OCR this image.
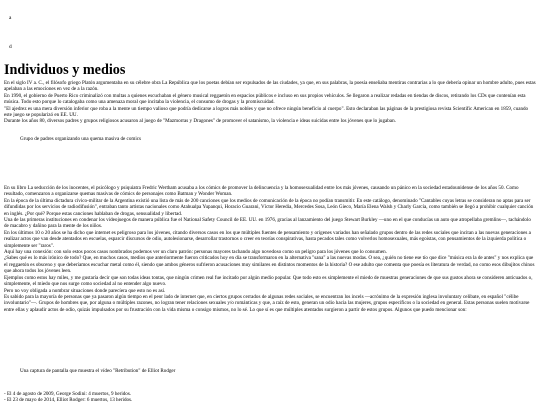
a
d
Individuos y medios

En el siglo IV a. C., el filósofo griego Platón argumentaba en su célebre obra La República que los poetas debían ser expulsados de las ciudades, ya que, en sus palabras, la poesía enseñaba mentiras contrarias a lo que debería opinar un hombre adulto, pues estas apelaban a las emociones en vez de a la razón.

En 1990, el gobierno de Puerto Rico criminalizó con multas a quienes escuchaban el género musical reggaetón en espacios públicos e incluso en sus propios vehículos. Se llegaron a realizar redadas en tiendas de discos, retirando los CDs que contenían esta música. Todo esto porque lo catalogaba como una amenaza moral que incitaba la violencia, el consumo de drogas y la promiscuidad.

"El ajedrez es una mera diversión inferior que roba a la mente un tiempo valioso que podría dedicarse a logros más nobles y que no ofrece ningún beneficio al cuerpo". Esto declaraban las páginas de la prestigiosa revista Scientific American en 1859, cuando este juego se popularizó en EE. UU.

Durante los años 80, diversos padres y grupos religiosos acusaron al juego de "Mazmorras y Dragones" de promover el satanismo, la violencia e ideas suicidas entre los jóvenes que lo jugaban.

Grupo de padres organizando una quema masiva de comics

En su libro La seducción de los inocentes, el psicólogo y psiquiatra Fredric Wertham acusaba a los cómics de promover la delincuencia y la homosexualidad entre los más jóvenes, causando un pánico en la sociedad estadounidense de los años 50. Como resultado, comenzaron a organizarse quemas masivas de cómics de personajes como Batman y Wonder Woman.

En la época de la última dictadura cívico-militar de la Argentina existió una lista de más de 200 canciones que los medios de comunicación de la época no podían transmitir. En este catálogo, denominado "Cantables cuyas letras se consideran no aptas para ser difundidas por los servicios de radiodifusión", entraban tanto artistas nacionales como Atahualpa Yupanqui, Horacio Guarani, Víctor Heredia, Mercedes Sosa, León Gieco, María Elena Walsh y Charly García, como también se llegó a prohibir cualquier canción en inglés. ¿Por qué? Porque estas canciones hablaban de drogas, sensualidad y libertad.

Una de las primeras instituciones en condenar los videojuegos de manera pública fue el National Safety Council de EE. UU. en 1976, gracias al lanzamiento del juego Stewart Burkley —uno en el que conducías un auto que atropellaba gremlins—, tachándolo de macabro y dañino para la mente de los niños.

En los últimos 10 o 20 años se ha dicho que internet es peligroso para los jóvenes, citando diversos casos en los que múltiples fuentes de pensamiento y orígenes variados han señalado grupos dentro de las redes sociales que incitan a las nuevas generaciones a realizar actos que van desde atentados en escuelas, esparcir discursos de odio, autolesionarse, desarrollar trastornos o creer en teorías conspirativas, hasta pecados tales como volverlos homosexuales, más egoístas, con pensamientos de la izquierda política o simplemente ser "raros".

Aquí hay una conexión: con solo estos pocos casos nombrados podemos ver un claro patrón: personas mayores tachando algo novedoso como un peligro para los jóvenes que lo consumen.

¿Sabes qué es lo más irónico de todo? Que, en muchos casos, medios que anteriormente fueron criticados hoy en día se transformaron en la alternativa "sana" a las nuevas modas. O sea, ¿quién no tiene ese tío que dice "música era la de antes" y nos explica que el reggaetón es obsceno y que deberíamos escuchar metal como él, siendo que ambos géneros sufrieron acusaciones muy similares en distintos momentos de la historia? O ese adulto que comenta que poesía es literatura de verdad, no como esos dibujitos chinos que ahora todos los jóvenes leen.

Ejemplos como estos hay miles, y me gustaría decir que son todas ideas tontas, que ningún crimen real fue incitado por algún medio popular. Que todo esto es simplemente el miedo de muestras generaciones de que sus gustos ahora se consideren anticuados o, simplemente, el miedo que nos surge como sociedad al no entender algo nuevo.

Pero no voy obligada a nombrar situaciones donde parecíera que esto no es así.

Es sabido para la mayoría de personas que ya pasaron algún tiempo en el peor lado de internet que, en ciertos grupos cerrados de algunas redes sociales, se encuentran los incels —acrónimo de la expresión inglesa involuntary celibate, en español "célibe involuntario"—. Grupos de hombres que, por alguna o múltiples razones, no logran tener relaciones sexuales y/o románticas y que, a raíz de esto, generan un odio hacia las mujeres, grupos específicos o la sociedad en general. Estas personas suelen motivarse entre ellas y aplaudir actos de odio, quizás impulsados por su frustración con la vida misma o consigo mismos, no lo sé. Lo que sí es que múltiples atentados surgieron a partir de estos grupos. Algunos que puedo mencionar son:

Una captura de pantalla que muestra el vídeo "Retribution" de Elliot Rodger

- El 4 de agosto de 2009, George Sodini: 4 muertos, 9 heridos.
- El 23 de mayo de 2014, Elliot Rodger: 6 muertos, 13 heridos.
